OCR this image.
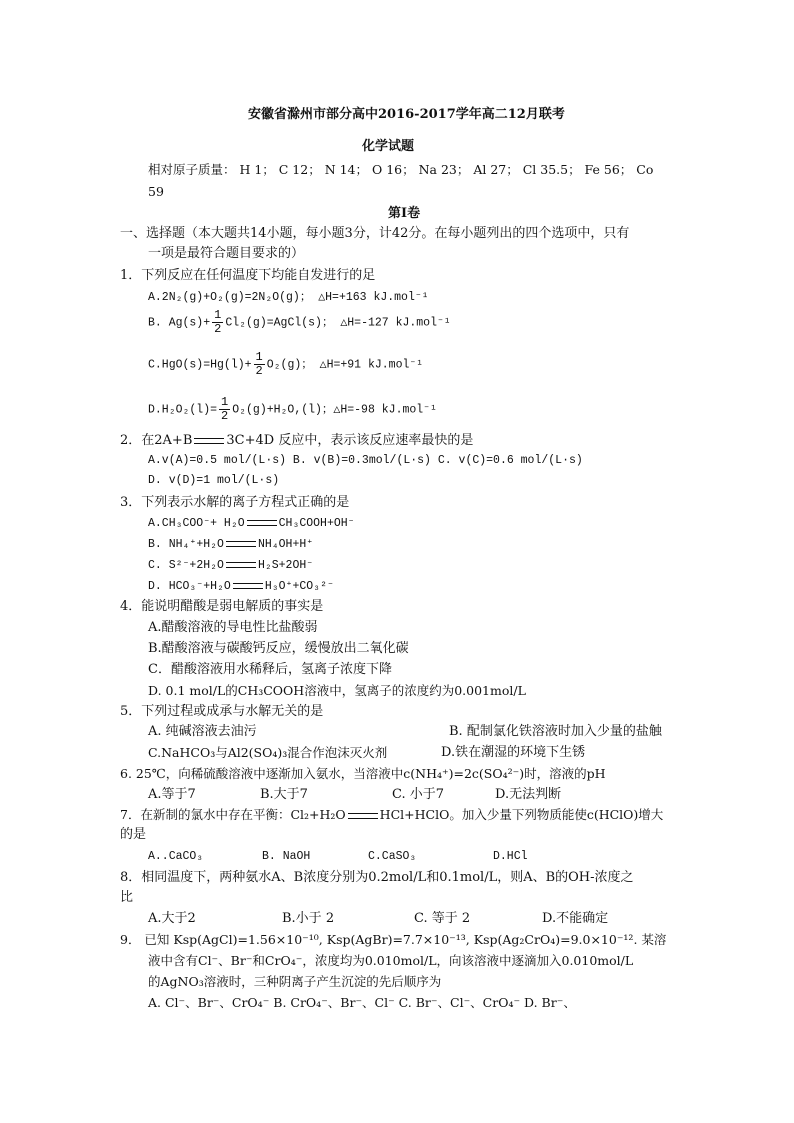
安徽省滁州市部分高中2016-2017学年高二12月联考
化学试题
相对原子质量： H 1； C 12； N 14； O 16； Na 23； Al 27； Cl 35.5； Fe 56； Co
59
第I卷
一、选择题（本大题共14小题，每小题3分，计42分。在每小题列出的四个选项中，只有
一项是最符合题目要求的）
1．下列反应在任何温度下均能自发进行的足
A.2N₂(g)+O₂(g)=2N₂O(g)； △H=+163 kJ.mol⁻¹
B. $Ag(s)+ \frac{1}{2}$ Cl₂(g)=AgCl(s)； △H=-127 kJ.mol⁻¹
$C.HgO(s)=Hg(l)+ \frac{1}{2} O_2(g)$； △H=+91 kJ.mol⁻¹
$D.H_2O_2(l)= \frac{1}{2} O_2(g)+H_2O,(l)$；△H=-98 kJ.mol⁻¹
2．在2A+B	3C+4D 反应中，表示该反应速率最快的是
A.v(A)=0.5 mol/(L·s) B. v(B)=0.3mol/(L·s) C. v(C)=0.6 mol/(L·s)
D. v(D)=1 mol/(L·s)
3．下列表示水解的离子方程式正确的是
A.CH₃COO⁻+ H₂O	CH₃COOH+OH⁻
B. NH₄⁺+H₂O	NH₄OH+H⁺
C. S²⁻+2H₂O	H₂S+2OH⁻
D. HCO₃⁻+H₂O	H₃O⁺+CO₃²⁻
4．能说明醋酸是弱电解质的事实是
A.醋酸溶液的导电性比盐酸弱
B.醋酸溶液与碳酸钙反应，缓慢放出二氧化碳
C．醋酸溶液用水稀释后，氢离子浓度下降
D. 0.1 mol/L的CH₃COOH溶液中，氢离子的浓度约为0.001mol/L
5．下列过程或成承与水解无关的是
A. 纯碱溶液去油污	B. 配制氯化铁溶液时加入少量的盐触
C.NaHCO₃与Al2(SO₄)₃混合作泡沫灭火剂	D.铁在潮湿的环境下生锈
6. 25℃，向稀硫酸溶液中逐渐加入氨水，当溶液中c(NH₄⁺)=2c(SO₄²⁻)时，溶液的pH
A.等于7	B.大于7	C. 小于7	D.无法判断
7．在新制的氯水中存在平衡：Cl₂+H₂O	HCl+HClO。加入少量下列物质能使c(HClO)增大
的是
A..CaCO₃	B. NaOH	C.CaSO₃	D.HCl
8．相同温度下，两种氨水A、B浓度分别为0.2mol/L和0.1mol/L，则A、B的OH-浓度之
比
A.大于2	B.小于 2	C. 等于 2	D.不能确定
9． 已知 Ksp(AgCl)=1.56×10⁻¹⁰, Ksp(AgBr)=7.7×10⁻¹³, Ksp(Ag₂CrO₄)=9.0×10⁻¹². 某溶
液中含有Cl⁻、Br⁻和CrO₄⁻，浓度均为0.010mol/L，向该溶液中逐滴加入0.010mol/L
的AgNO₃溶液时，三种阴离子产生沉淀的先后顺序为
A. Cl⁻、Br⁻、CrO₄⁻ B. CrO₄⁻、Br⁻、Cl⁻ C. Br⁻、Cl⁻、CrO₄⁻ D. Br⁻、
